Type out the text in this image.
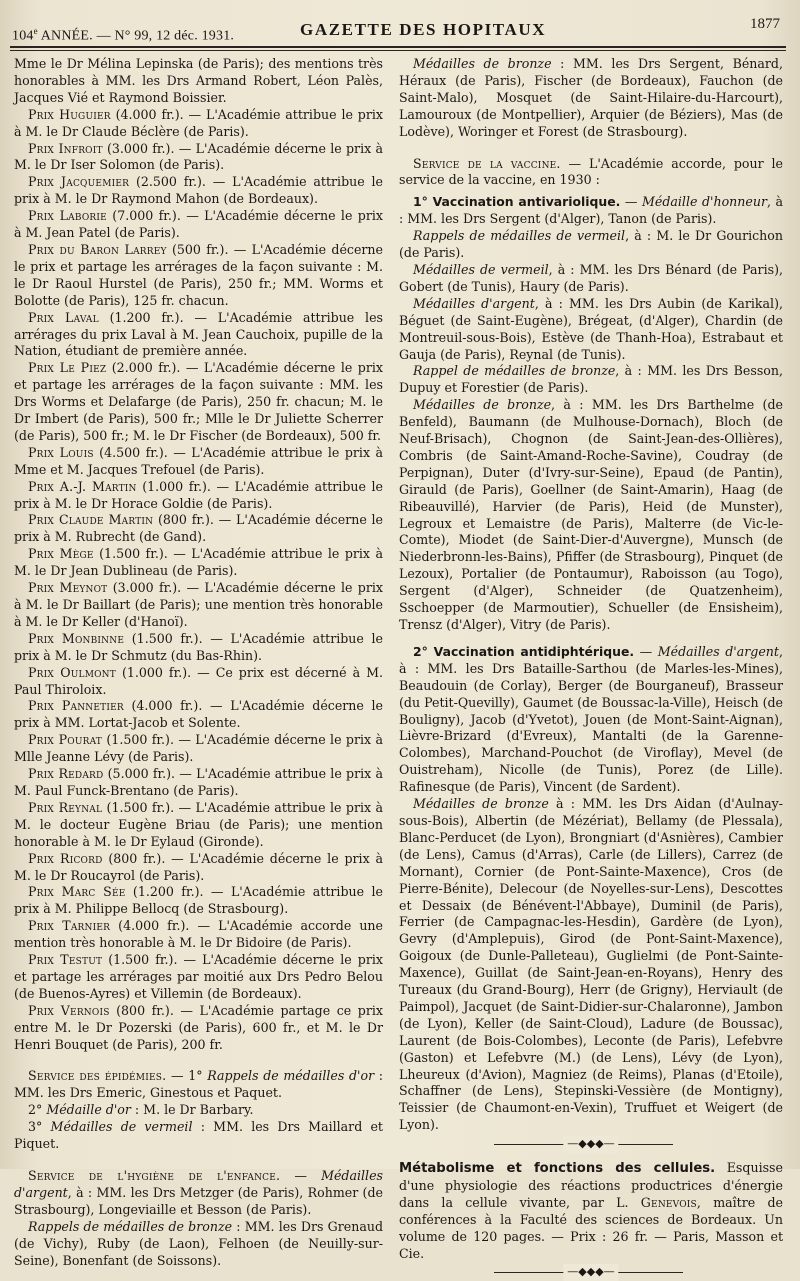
104e ANNÉE. — N° 99, 12 déc. 1931.	GAZETTE DES HOPITAUX	1877

Mme le Dr Mélina Lepinska (de Paris); des mentions très honorables à MM. les Drs Armand Robert, Léon Palès, Jacques Vié et Raymond Boissier.

Prix Huguier (4.000 fr.). — L'Académie attribue le prix à M. le Dr Claude Béclère (de Paris).

Prix Infroit (3.000 fr.). — L'Académie décerne le prix à M. le Dr Iser Solomon (de Paris).

Prix Jacquemier (2.500 fr.). — L'Académie attribue le prix à M. le Dr Raymond Mahon (de Bordeaux).

Prix Laborie (7.000 fr.). — L'Académie décerne le prix à M. Jean Patel (de Paris).

Prix du Baron Larrey (500 fr.). — L'Académie décerne le prix et partage les arrérages de la façon suivante : M. le Dr Raoul Hurstel (de Paris), 250 fr.; MM. Worms et Bolotte (de Paris), 125 fr. chacun.

Prix Laval (1.200 fr.). — L'Académie attribue les arrérages du prix Laval à M. Jean Cauchoix, pupille de la Nation, étudiant de première année.

Prix Le Piez (2.000 fr.). — L'Académie décerne le prix et partage les arrérages de la façon suivante : MM. les Drs Worms et Delafarge (de Paris), 250 fr. chacun; M. le Dr Imbert (de Paris), 500 fr.; Mlle le Dr Juliette Scherrer (de Paris), 500 fr.; M. le Dr Fischer (de Bordeaux), 500 fr.

Prix Louis (4.500 fr.). — L'Académie attribue le prix à Mme et M. Jacques Trefouel (de Paris).

Prix A.-J. Martin (1.000 fr.). — L'Académie attribue le prix à M. le Dr Horace Goldie (de Paris).

Prix Claude Martin (800 fr.). — L'Académie décerne le prix à M. Rubrecht (de Gand).

Prix Mège (1.500 fr.). — L'Académie attribue le prix à M. le Dr Jean Dublineau (de Paris).

Prix Meynot (3.000 fr.). — L'Académie décerne le prix à M. le Dr Baillart (de Paris); une mention très honorable à M. le Dr Keller (d'Hanoï).

Prix Monbinne (1.500 fr.). — L'Académie attribue le prix à M. le Dr Schmutz (du Bas-Rhin).

Prix Oulmont (1.000 fr.). — Ce prix est décerné à M. Paul Thiroloix.

Prix Pannetier (4.000 fr.). — L'Académie décerne le prix à MM. Lortat-Jacob et Solente.

Prix Pourat (1.500 fr.). — L'Académie décerne le prix à Mlle Jeanne Lévy (de Paris).

Prix Redard (5.000 fr.). — L'Académie attribue le prix à M. Paul Funck-Brentano (de Paris).

Prix Reynal (1.500 fr.). — L'Académie attribue le prix à M. le docteur Eugène Briau (de Paris); une mention honorable à M. le Dr Eylaud (Gironde).

Prix Ricord (800 fr.). — L'Académie décerne le prix à M. le Dr Roucayrol (de Paris).

Prix Marc Sée (1.200 fr.). — L'Académie attribue le prix à M. Philippe Bellocq (de Strasbourg).

Prix Tarnier (4.000 fr.). — L'Académie accorde une mention très honorable à M. le Dr Bidoire (de Paris).

Prix Testut (1.500 fr.). — L'Académie décerne le prix et partage les arrérages par moitié aux Drs Pedro Belou (de Buenos-Ayres) et Villemin (de Bordeaux).

Prix Vernois (800 fr.). — L'Académie partage ce prix entre M. le Dr Pozerski (de Paris), 600 fr., et M. le Dr Henri Bouquet (de Paris), 200 fr.

Service des épidémies. — 1° Rappels de médailles d'or : MM. les Drs Emeric, Ginestous et Paquet.

2° Médaille d'or : M. le Dr Barbary.

3° Médailles de vermeil : MM. les Drs Maillard et Piquet.

Service de l'hygiène de l'enfance. — Médailles d'argent, à : MM. les Drs Metzger (de Paris), Rohmer (de Strasbourg), Longeviaille et Besson (de Paris).

Rappels de médailles de bronze : MM. les Drs Grenaud (de Vichy), Ruby (de Laon), Felhoen (de Neuilly-sur-Seine), Bonenfant (de Soissons).

Médailles de bronze : MM. les Drs Sergent, Bénard, Héraux (de Paris), Fischer (de Bordeaux), Fauchon (de Saint-Malo), Mosquet (de Saint-Hilaire-du-Harcourt), Lamouroux (de Montpellier), Arquier (de Béziers), Mas (de Lodève), Woringer et Forest (de Strasbourg).

Service de la vaccine. — L'Académie accorde, pour le service de la vaccine, en 1930 :

1° Vaccination antivariolique. — Médaille d'honneur, à : MM. les Drs Sergent (d'Alger), Tanon (de Paris).

Rappels de médailles de vermeil, à : M. le Dr Gourichon (de Paris).

Médailles de vermeil, à : MM. les Drs Bénard (de Paris), Gobert (de Tunis), Haury (de Paris).

Médailles d'argent, à : MM. les Drs Aubin (de Karikal), Béguet (de Saint-Eugène), Brégeat, (d'Alger), Chardin (de Montreuil-sous-Bois), Estève (de Thanh-Hoa), Estrabaut et Gauja (de Paris), Reynal (de Tunis).

Rappel de médailles de bronze, à : MM. les Drs Besson, Dupuy et Forestier (de Paris).

Médailles de bronze, à : MM. les Drs Barthelme (de Benfeld), Baumann (de Mulhouse-Dornach), Bloch (de Neuf-Brisach), Chognon (de Saint-Jean-des-Ollières), Combris (de Saint-Amand-Roche-Savine), Coudray (de Perpignan), Duter (d'Ivry-sur-Seine), Epaud (de Pantin), Girauld (de Paris), Goellner (de Saint-Amarin), Haag (de Ribeauvillé), Harvier (de Paris), Heid (de Munster), Legroux et Lemaistre (de Paris), Malterre (de Vic-le-Comte), Miodet (de Saint-Dier-d'Auvergne), Munsch (de Niederbronn-les-Bains), Pfiffer (de Strasbourg), Pinquet (de Lezoux), Portalier (de Pontaumur), Raboisson (au Togo), Sergent (d'Alger), Schneider (de Quatzenheim), Sschoepper (de Marmoutier), Schueller (de Ensisheim), Trensz (d'Alger), Vitry (de Paris).

2° Vaccination antidiphtérique. — Médailles d'argent, à : MM. les Drs Bataille-Sarthou (de Marles-les-Mines), Beaudouin (de Corlay), Berger (de Bourganeuf), Brasseur (du Petit-Quevilly), Gaumet (de Boussac-la-Ville), Heisch (de Bouligny), Jacob (d'Yvetot), Jouen (de Mont-Saint-Aignan), Lièvre-Brizard (d'Evreux), Mantalti (de la Garenne-Colombes), Marchand-Pouchot (de Viroflay), Mevel (de Ouistreham), Nicolle (de Tunis), Porez (de Lille). Rafinesque (de Paris), Vincent (de Sardent).

Médailles de bronze à : MM. les Drs Aidan (d'Aulnay-sous-Bois), Albertin (de Mézériat), Bellamy (de Plessala), Blanc-Perducet (de Lyon), Brongniart (d'Asnières), Cambier (de Lens), Camus (d'Arras), Carle (de Lillers), Carrez (de Mornant), Cornier (de Pont-Sainte-Maxence), Cros (de Pierre-Bénite), Delecour (de Noyelles-sur-Lens), Descottes et Dessaix (de Bénévent-l'Abbaye), Duminil (de Paris), Ferrier (de Campagnac-les-Hesdin), Gardère (de Lyon), Gevry (d'Amplepuis), Girod (de Pont-Saint-Maxence), Goigoux (de Dunle-Palleteau), Guglielmi (de Pont-Sainte-Maxence), Guillat (de Saint-Jean-en-Royans), Henry des Tureaux (du Grand-Bourg), Herr (de Grigny), Herviault (de Paimpol), Jacquet (de Saint-Didier-sur-Chalaronne), Jambon (de Lyon), Keller (de Saint-Cloud), Ladure (de Boussac), Laurent (de Bois-Colombes), Leconte (de Paris), Lefebvre (Gaston) et Lefebvre (M.) (de Lens), Lévy (de Lyon), Lheureux (d'Avion), Magniez (de Reims), Planas (d'Etoile), Schaffner (de Lens), Stepinski-Vessière (de Montigny), Teissier (de Chaumont-en-Vexin), Truffuet et Weigert (de Lyon).

—◆◆◆—

Métabolisme et fonctions des cellules. Esquisse d'une physiologie des réactions productrices d'énergie dans la cellule vivante, par L. Genevois, maître de conférences à la Faculté des sciences de Bordeaux. Un volume de 120 pages. — Prix : 26 fr. — Paris, Masson et Cie.

—◆◆◆—
